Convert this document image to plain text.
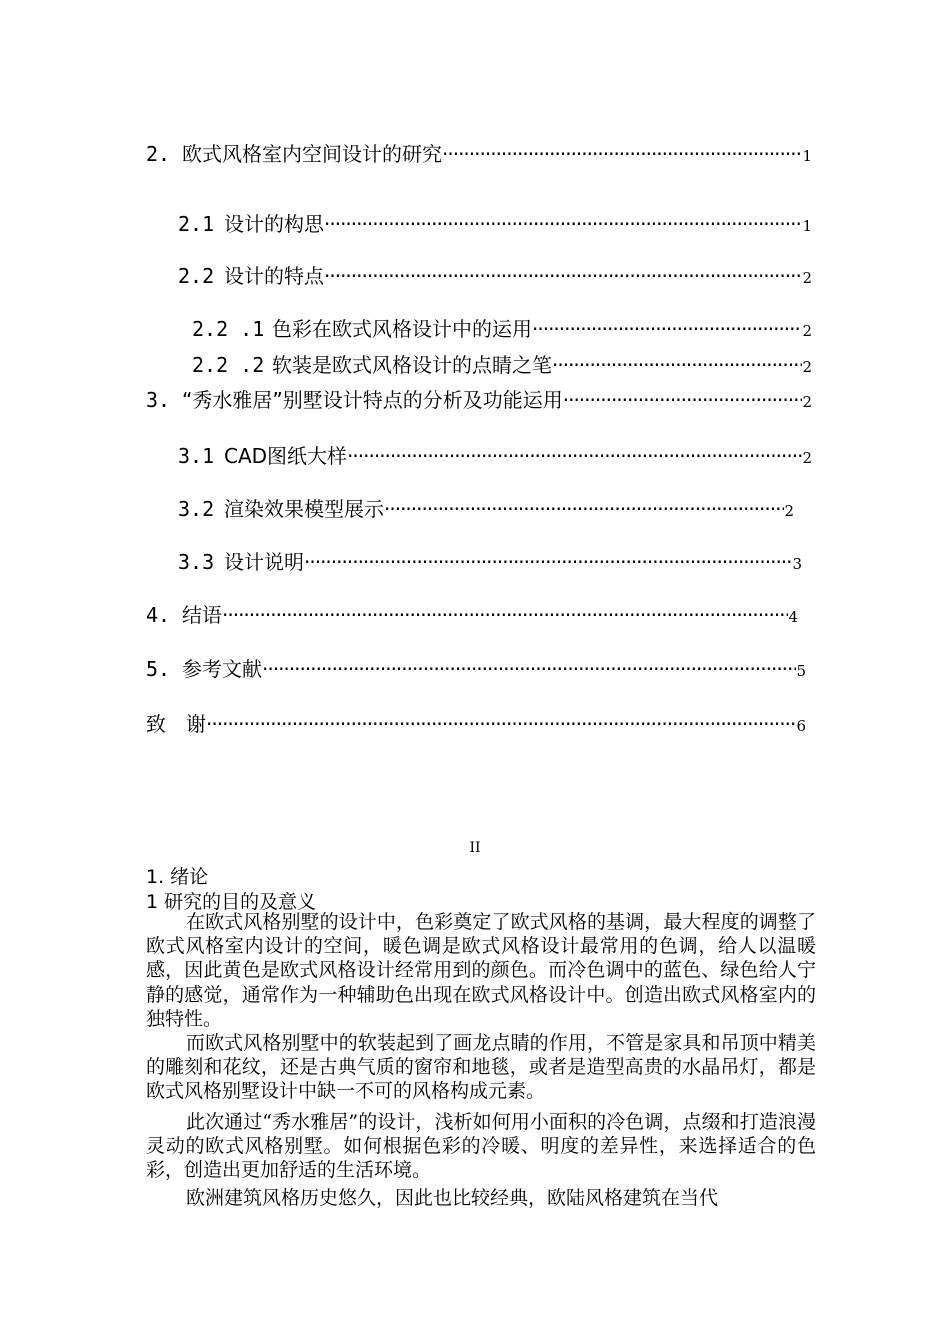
2. 欧式风格室内空间设计的研究 ·····	1
2.1 设计的构思 ·····	1
2.2 设计的特点 ·····	2
2.2 .1 色彩在欧式风格设计中的运用 ·····	2
2.2 .2 软装是欧式风格设计的点睛之笔 ·····	2
3. “秀水雅居”别墅设计特点的分析及功能运用 ·····	2
3.1 CAD图纸大样 ·····	2
3.2 渲染效果模型展示 ·····	2
3.3 设计说明 ·····	3
4. 结语 ·····	4
5. 参考文献 ·····	5
致　谢 ·····	6
II
1. 绪论
1 研究的目的及意义

在欧式风格别墅的设计中，色彩奠定了欧式风格的基调，最大程度的调整了欧式风格室内设计的空间，暖色调是欧式风格设计最常用的色调，给人以温暖感，因此黄色是欧式风格设计经常用到的颜色。而冷色调中的蓝色、绿色给人宁静的感觉，通常作为一种辅助色出现在欧式风格设计中。创造出欧式风格室内的独特性。

而欧式风格别墅中的软装起到了画龙点睛的作用，不管是家具和吊顶中精美的雕刻和花纹，还是古典气质的窗帘和地毯，或者是造型高贵的水晶吊灯，都是欧式风格别墅设计中缺一不可的风格构成元素。

此次通过“秀水雅居”的设计，浅析如何用小面积的冷色调，点缀和打造浪漫灵动的欧式风格别墅。如何根据色彩的冷暖、明度的差异性，来选择适合的色彩，创造出更加舒适的生活环境。

欧洲建筑风格历史悠久，因此也比较经典，欧陆风格建筑在当代
